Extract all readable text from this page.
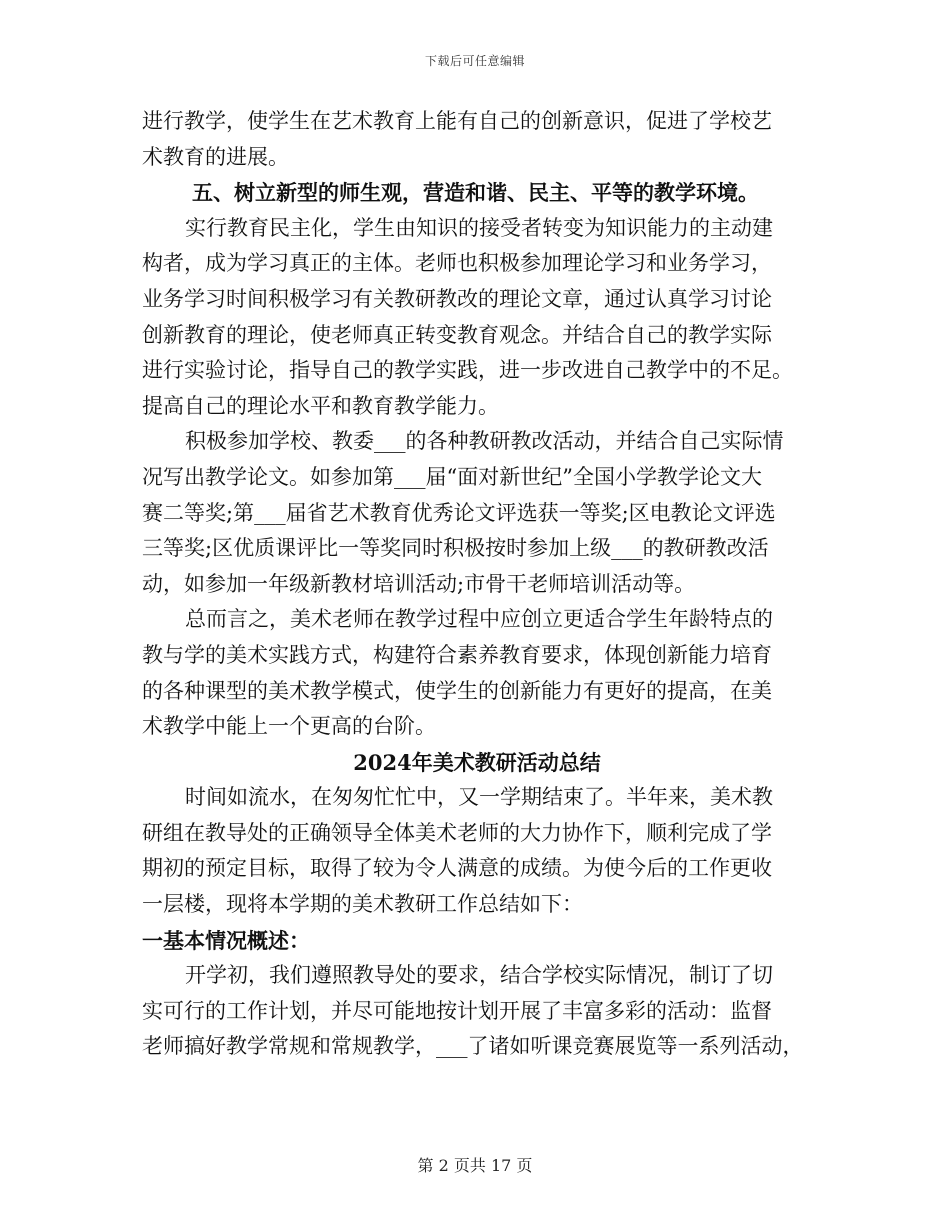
下载后可任意编辑
进行教学，使学生在艺术教育上能有自己的创新意识，促进了学校艺
术教育的进展。
五、树立新型的师生观，营造和谐、民主、平等的教学环境。
实行教育民主化，学生由知识的接受者转变为知识能力的主动建
构者，成为学习真正的主体。老师也积极参加理论学习和业务学习，
业务学习时间积极学习有关教研教改的理论文章，通过认真学习讨论
创新教育的理论，使老师真正转变教育观念。并结合自己的教学实际
进行实验讨论，指导自己的教学实践，进一步改进自己教学中的不足。
提高自己的理论水平和教育教学能力。
积极参加学校、教委___的各种教研教改活动，并结合自己实际情
况写出教学论文。如参加第___届“面对新世纪”全国小学教学论文大
赛二等奖;第___届省艺术教育优秀论文评选获一等奖;区电教论文评选
三等奖;区优质课评比一等奖同时积极按时参加上级___的教研教改活
动，如参加一年级新教材培训活动;市骨干老师培训活动等。
总而言之，美术老师在教学过程中应创立更适合学生年龄特点的
教与学的美术实践方式，构建符合素养教育要求，体现创新能力培育
的各种课型的美术教学模式，使学生的创新能力有更好的提高，在美
术教学中能上一个更高的台阶。
2024年美术教研活动总结
时间如流水，在匆匆忙忙中，又一学期结束了。半年来，美术教
研组在教导处的正确领导全体美术老师的大力协作下，顺利完成了学
期初的预定目标，取得了较为令人满意的成绩。为使今后的工作更收
一层楼，现将本学期的美术教研工作总结如下：
一基本情况概述：
开学初，我们遵照教导处的要求，结合学校实际情况，制订了切
实可行的工作计划，并尽可能地按计划开展了丰富多彩的活动：监督
老师搞好教学常规和常规教学，___了诸如听课竞赛展览等一系列活动，
第 2 页共 17 页
